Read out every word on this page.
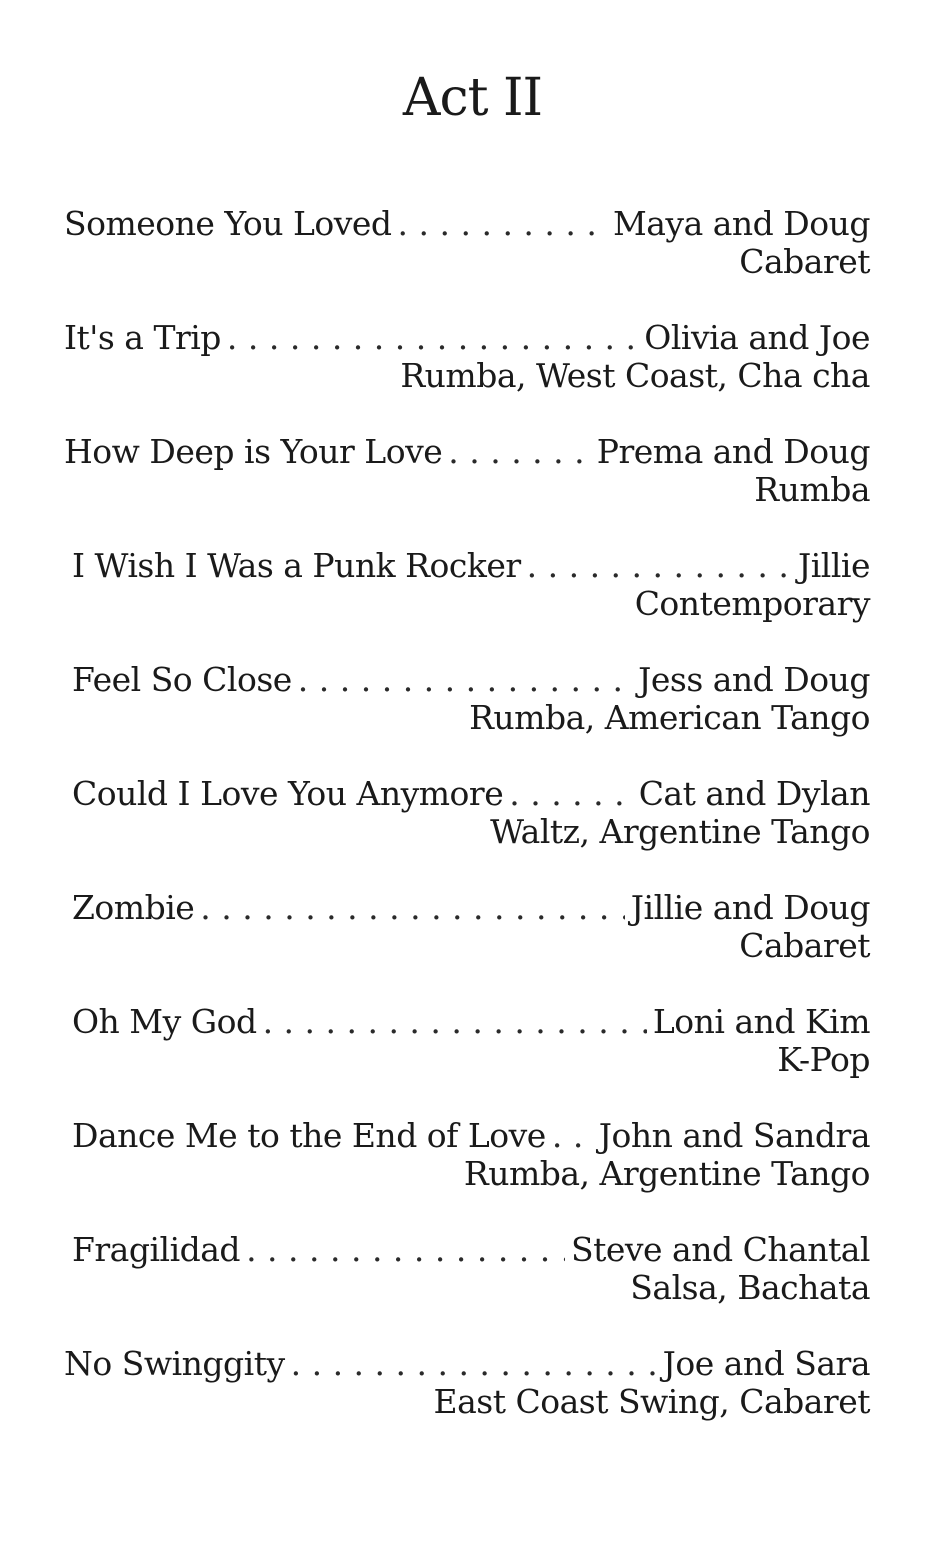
Act II
Someone You Loved . . .	Maya and Doug
Cabaret
It's a Trip . . .	Olivia and Joe
Rumba, West Coast, Cha cha
How Deep is Your Love . . .	Prema and Doug
Rumba
I Wish I Was a Punk Rocker . . .	Jillie
Contemporary
Feel So Close . . .	Jess and Doug
Rumba, American Tango
Could I Love You Anymore . . .	Cat and Dylan
Waltz, Argentine Tango
Zombie . . .	Jillie and Doug
Cabaret
Oh My God . . .	Loni and Kim
K-Pop
Dance Me to the End of Love . . . John and Sandra
Rumba, Argentine Tango
Fragilidad . . .	Steve and Chantal
Salsa, Bachata
No Swinggity . . .	Joe and Sara
East Coast Swing, Cabaret
